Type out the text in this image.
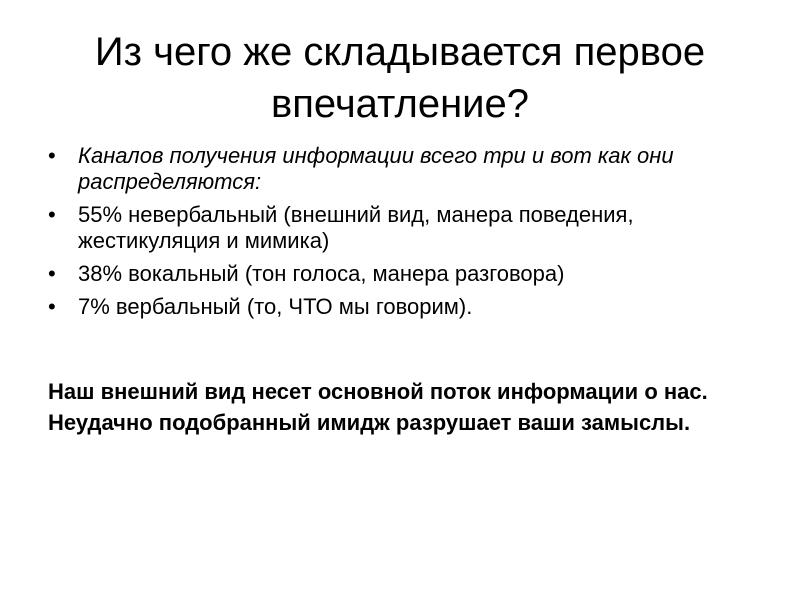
Из чего же складывается первое впечатление?
• Каналов получения информации всего три и вот как они распределяются:
• 55% невербальный (внешний вид, манера поведения, жестикуляция и мимика)
• 38% вокальный (тон голоса, манера разговора)
• 7% вербальный (то, ЧТО мы говорим).

Наш внешний вид несет основной поток информации о нас.

Неудачно подобранный имидж разрушает ваши замыслы.
